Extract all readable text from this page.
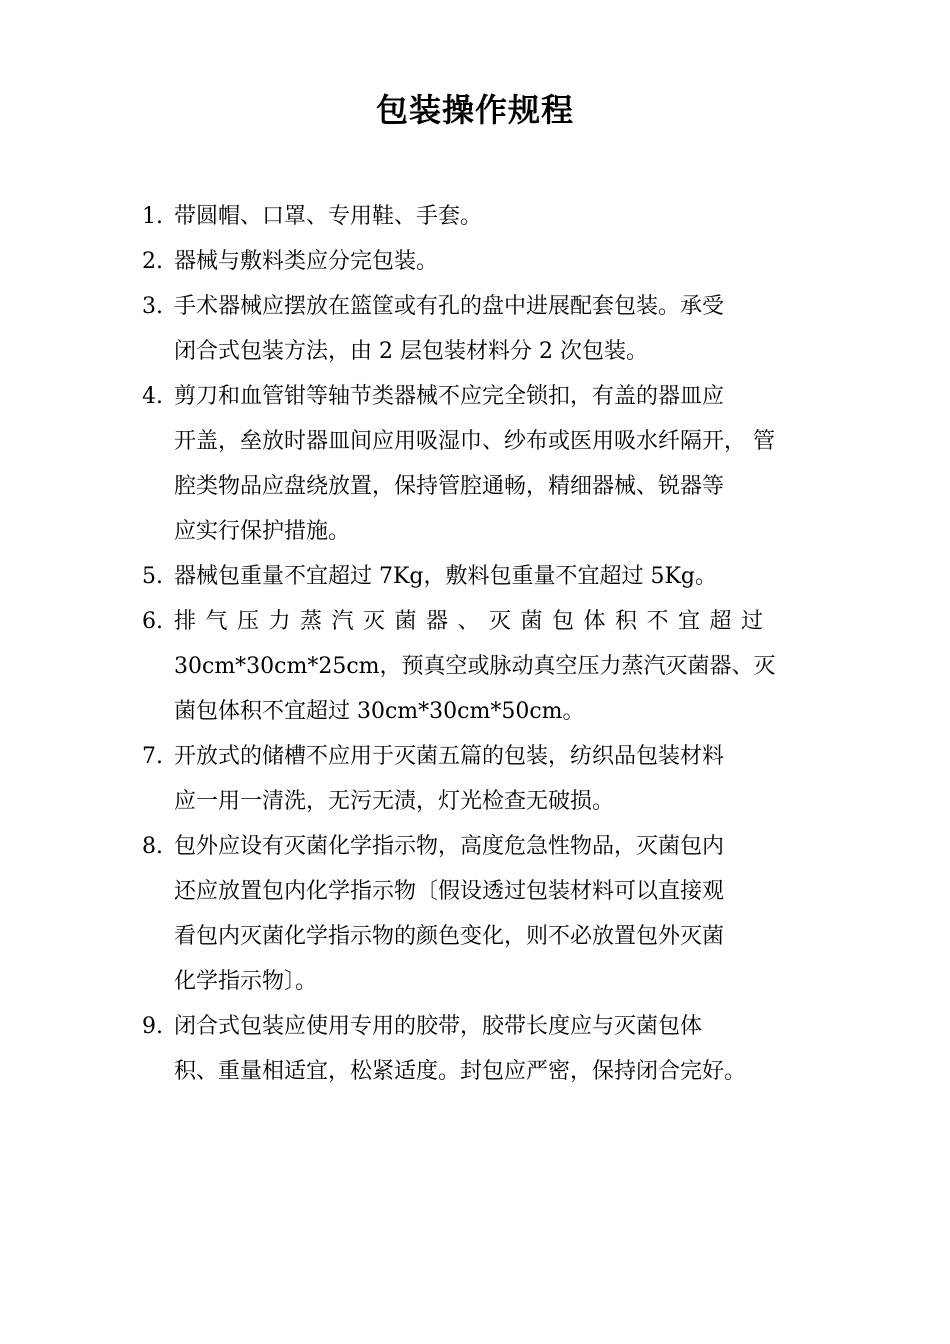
包装操作规程
1. 带圆帽、口罩、专用鞋、手套。
2. 器械与敷料类应分完包装。
3. 手术器械应摆放在篮筐或有孔的盘中进展配套包装。承受
闭合式包装方法，由 2 层包装材料分 2 次包装。
4. 剪刀和血管钳等轴节类器械不应完全锁扣，有盖的器皿应
开盖，垒放时器皿间应用吸湿巾、纱布或医用吸水纤隔开， 管
腔类物品应盘绕放置，保持管腔通畅，精细器械、锐器等
应实行保护措施。
5. 器械包重量不宜超过 7Kg，敷料包重量不宜超过 5Kg。
6. 排气压力蒸汽灭菌器、灭菌包体积不宜超过
30cm*30cm*25cm，预真空或脉动真空压力蒸汽灭菌器、灭
菌包体积不宜超过 30cm*30cm*50cm。
7. 开放式的储槽不应用于灭菌五篇的包装，纺织品包装材料
应一用一清洗，无污无渍，灯光检查无破损。
8. 包外应设有灭菌化学指示物，高度危急性物品，灭菌包内
还应放置包内化学指示物〔假设透过包装材料可以直接观
看包内灭菌化学指示物的颜色变化，则不必放置包外灭菌
化学指示物〕。
9. 闭合式包装应使用专用的胶带，胶带长度应与灭菌包体
积、重量相适宜，松紧适度。封包应严密，保持闭合完好。
